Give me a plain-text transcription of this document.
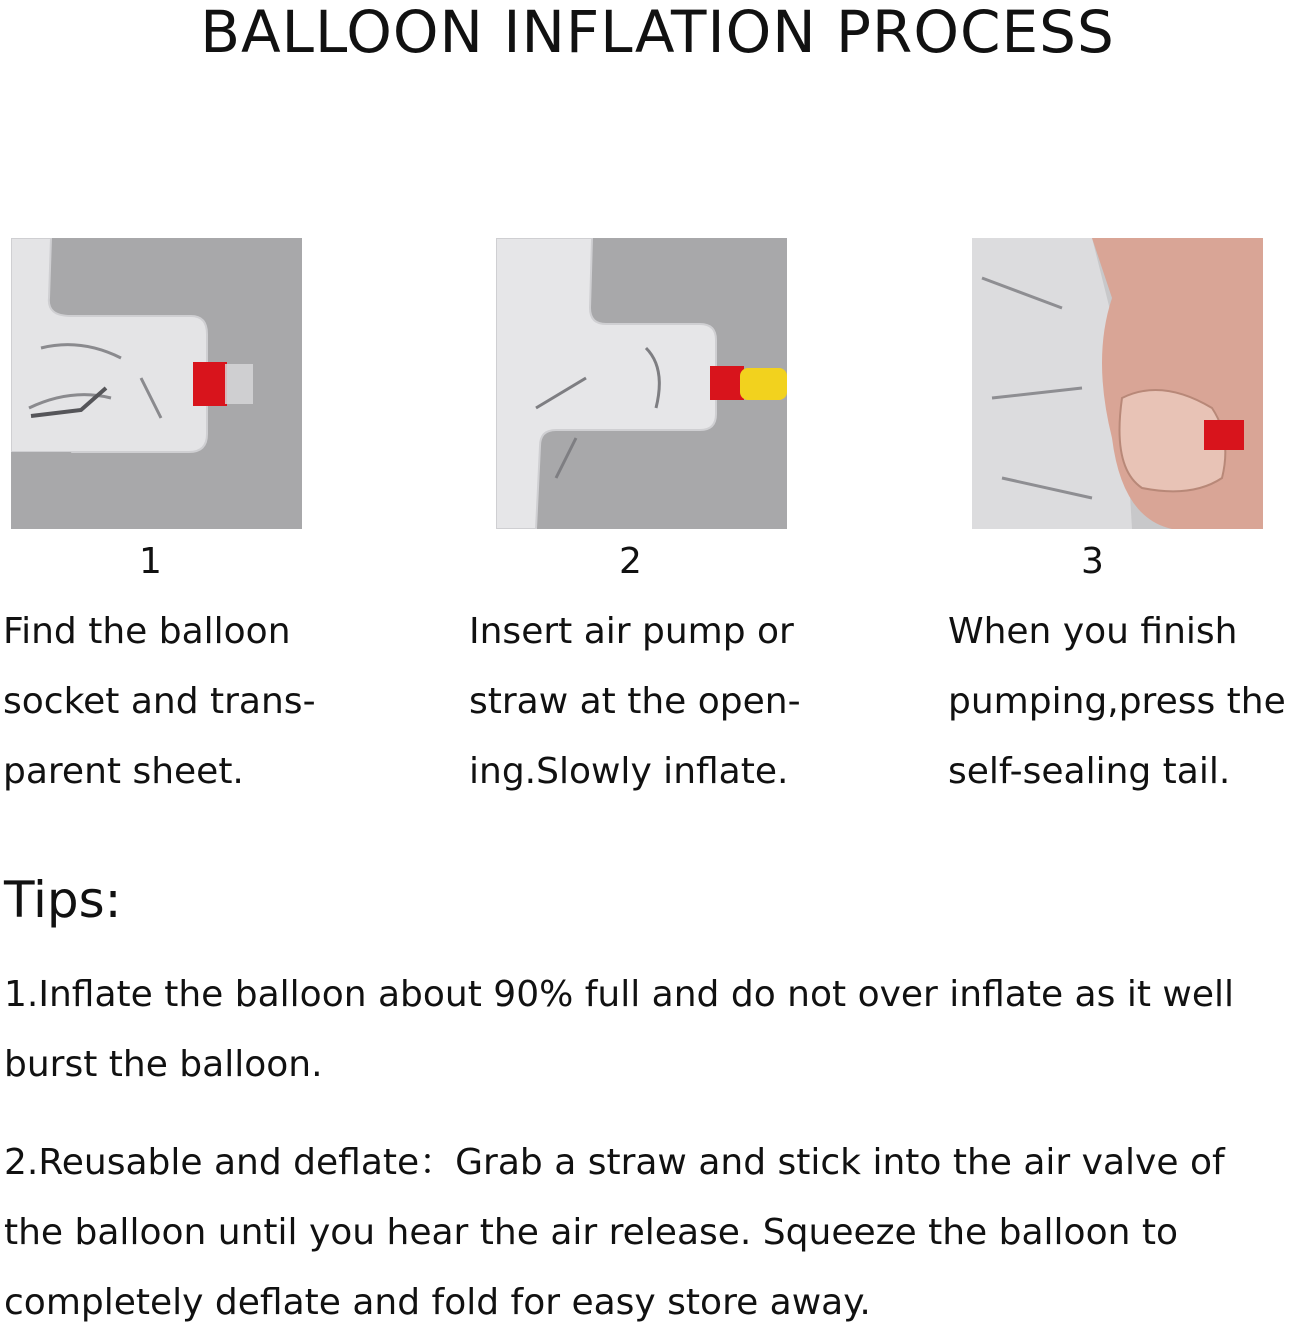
BALLOON INFLATION PROCESS
1	2	3
Find the balloon
socket and trans-
parent sheet.
Insert air pump or
straw at the open-
ing.Slowly inflate.
When you finish
pumping,press the
self-sealing tail.
Tips:
1.Inflate the balloon about 90% full and do not over inflate as it well
burst the balloon.
2.Reusable and deflate：Grab a straw and stick into the air valve of
the balloon until you hear the air release. Squeeze the balloon to
completely deflate and fold for easy store away.
